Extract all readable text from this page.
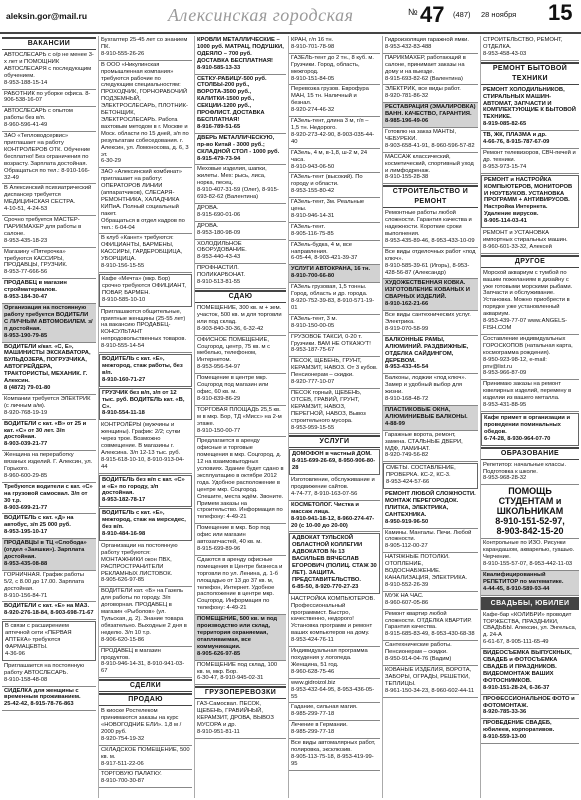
aleksin.gor@mail.ru	Алексинская городская	№ 47 (487) 28 ноября 15
ВАКАНСИИ
АВТОСЛЕСАРЬ с о/р не менее 3-х лет и ПОМОЩНИК АВТОСЛЕСАРЯ с последующим обучением.
8-953-188-15-14
РАБОТНИК по уборке офиса. 8-906-538-16-07
АВТОСЛЕСАРЬ с опытом работы без в/п.
8-960-596-41-49
ЗАО «Тепловодсервис» приглашает на работу КОНТРОЛЕРОВ ОТК. Обучение бесплатно! Без ограничения по возрасту. Зарплата достойная. Обращаться по тел.: 8-910-166-32-49
В Алексинский психиатрический диспансер требуется МЕДИЦИНСКАЯ СЕСТРА.
4-10-51, 4-24-53
Срочно требуется МАСТЕР-ПАРИКМАХЕР для работы в салоне.
8-953-435-18-23
Магазину «Пятерочка» требуются КАССИРЫ, ПРОДАВЦЫ, ГРУЗЧИК.
8-953-77-666-56
ПРОДАВЕЦ в магазин стройматериалов.
8-953-184-30-47
Организация на постоянную работу требуется ВОДИТЕЛИ С ЛИЧНЫМ АВТОМОБИЛЕМ. з/п достойная.
8-953-190-79-85
ВОДИТЕЛИ к/кат. «С, Е», МАШИНИСТЫ ЭКСКАВАТОРА, БУЛЬДОЗЕРА, ПОГРУЗЧИКА, АВТОГРЕЙДЕРА, ТРАКТОРИСТЫ, МЕХАНИК. Г. Алексин.
8 (4872) 79-01-80
Компании требуется ЭЛЕКТРИК (с личным а/м).
8-920-768-19-19
ВОДИТЕЛИ с кат. «В» от 25 и кат. «С» от 30 лет. З/п достойная.
8-903-039-21-77
Женщина на переработку вязаных изделий. Г. Алексин, ул. Горького.
8-960-600-29-85
Требуются водители с кат. «С» на грузовой самосвал. З/п от 30 т.р.
8-903-699-21-77
ВОДИТЕЛЬ с кат. «Д» на автобус, з/п 25 000 руб.
8-953-195-10-17
ПРОДАВЦЫ в ТЦ «Слобода» (отдел «Заяшки»). Зарплата достойная.
8-953-435-08-88
ГОРНИЧНАЯ. График работы 5/2, с 8.00 до 17.00. Зарплата достойная.
8-910-156-84-71
ВОДИТЕЛИ с кат. «Е» на МАЗ.
8-920-276-18-84, 8-903-698-71-67
В связи с расширением аптечной сети «ПЕРВАЯ АПТЕКА» требуются ФАРМАЦЕВТЫ.
4-36-96
Приглашается на постоянную работу АВТОСЛЕСАРЬ.
8-910-158-48-08
СИДЕЛКА для женщины с временным проживанием.
25-42-42, 8-915-78-76-863
Бухгалтер 25-45 лет со знанием ПК.
8-910-555-26-26
В ООО «Никулинская промышленная компания» требуются рабочие по следующим специальностям: ПРОХОДЧИК, ГОРНОРАБОЧИЙ ПОДЗЕМНЫЙ, ЭЛЕКТРОСЛЕСАРЬ, ПЛОТНИК-БЕТОНЩИК, ЭЛЕКТРОСЛЕСАРЬ. Работа вахтовым методом в г. Москве и Моск. области по 15 дней, з/п по результатам собеседования. г. Алексин, ул. Ломоносова, д. 6, 3 эт.
6-30-29
ЗАО «Алексинский комбинат» приглашает на работу: ОПЕРАТОРОВ ЛИНИИ (аппаратчиков), СЛЕСАРЯ-РЕМОНТНИКА, ХАЛАДЧИКА КИПиА. Полный социальный пакет.
Обращаться в отдел кадров по тел.: 6-04-04
В клуб «Каннт» требуются: ОФИЦИАНТЫ, БАРМЕНЫ, КАССИРЫ, ГАРДЕРОБЩИЦА, УБОРЩИЦА.
8-910-156-15-55
Кафе «Мечта» (мкр. Бор) срочно требуются ОФИЦИАНТ, ПОВАР, БАРМЕН.
8-910-585-10-10
Приглашаются общительные, приятные женщины (25-55 лет) на вакансию ПРОДАВЕЦ-КОНСУЛЬТАНТ непродовольственных товаров.
8-910-555-14-54
ВОДИТЕЛЬ с кат. «Е», межгород, стаж работы, без в/п.
8-910-160-71-27
ГРУЗЧИК без в/п, з/п от 12 тыс. руб. ВОДИТЕЛЬ кат. «В, С».
8-910-554-11-18
КОНТРОЛЁРЫ (мужчины и женщины). График: 2/2; сутки через трое. Возможно совмещение. В магазины г. Алексина. З/п 12-13 тыс. руб.
8-915-618-10-10, 8-910-913-04-44
ВОДИТЕЛЬ без в/п с кат. «С» и «Е» по городу, з/п достойная.
8-953-182-78-17
ВОДИТЕЛЬ с кат. «Е», межгород, стаж на мерседес, без в/п.
8-910-484-16-98
Организации на постоянную работу требуются: МОНТАЖНИКИ окон ПВХ, РАСПРОСТРАНИТЕЛИ РЕКЛАМНЫХ ЛИСТОВОК.
8-905-626-97-85
ВОДИТЕЛИ кат. «Б» на Газель для работы по городу. З/п договорная. ПРОДАВЕЦ в магазин «Рыболов» (ул. Тульская, д. 2). Знание товара обязательно. Выходные 2 дня в неделю. З/п 10 т.р.
8-906-620-15-86
ПРОДАВЕЦ в магазин продуктов.
8-910-946-14-31, 8-910-941-03-67
СДЕЛКИ
ПРОДАЮ
В киоске Ростелеком принимаются заказы на курс «НОВОГОДНИЕ ЕЛИ». 1,8 м / 2000 руб.
8-920-754-19-32
СКЛАДСКОЕ ПОМЕЩЕНИЕ, 500 кв. м.
8-917-511-22-06
ТОРГОВУЮ ПАЛАТКУ.
8-910-700-30-87
КРОВЛИ МЕТАЛЛИЧЕСКИЕ – 1000 руб. МАТРАЦ, ПОДУШКИ, ОДЕЯЛО – 700 руб. ДОСТАВКА БЕСПЛАТНАЯ!
8-910-585-13-33
СЕТКУ-РАБИЦУ-500 руб. СТОЛБЫ-200 руб., ВОРОТА-3500 руб., КАЛИТКИ-1500 руб., СЕКЦИИ-1200 руб., ПРОФЛИСТ. ДОСТАВКА БЕСПЛАТНАЯ!
8-916-789-51-65
ДВЕРЬ МЕТАЛЛИЧЕСКУЮ, пр-во Китай - 3000 руб.; СКЛАДНОЙ СТОЛ - 1000 руб.
8-915-479-73-94
Меховые изделия, шапки, жилеты. Мех: рысь, лиса, норка, песец.
8-910-407-31-59 (Олег), 8-915-693-82-62 (Валентина)
ДРОВА.
8-915-690-01-06
ДРОВА.
8-953-180-98-09
ХОЛОДИЛЬНОЕ ОБОРУДОВАНИЕ.
8-953-440-43-43
ПРОФНАСТИЛ. ПОЛИКАРБОНАТ.
8-910-513-81-55
СДАЮ
ПОМЕЩЕНИЕ, 300 кв. м + зем. участок, 500 кв. м для торговли или под склад.
8-903-840-30-36, 6-32-42
ОФИСНОЕ ПОМЕЩЕНИЕ, Соцгород, центр, 75 кв. м с мебелью, телефоном, Интернетом.
8-953-956-54-97
Помещение в центре мкр. Соцгород под магазин или офис, 60 кв. м.
8-910-839-86-29
ТОРГОВАЯ ПЛОЩАДЬ 25,5 кв. м в мкр. Бор, ТД «Мисс» на 2-м этаже.
8-910-150-00-77
Предлагается в аренду офисные и торговые помещения в мкр. Соцгород, д. 12 на взаимовыгодных условиях. Здание будет сдано в эксплуатацию в октябре 2012 года. Удобное расположение в центре мкр. Соцгород. Спешите, места ждём. Звоните. Примем заказы на строительство. Информация по телефону: 4-49-21
Помещение в мкр. Бор под офис или магазин автозапчастей, 40 кв. м.
8-915-699-89-96
Сдаются в аренду офисные помещения в Центре бизнеса и торговли по ул. Ленина, д. 1-б площадью от 13 до 37 кв. м, телефон, Интернет. Удобное расположение в центре мкр. Соцгород. Информация по телефону: 4-49-21
ПОМЕЩЕНИЕ, 500 кв. м под производство или склад, территория охраняемая, отапливаемая, все коммуникации.
8-905-626-97-85
ПОМЕЩЕНИЕ под склад, 100 кв. м, мкр. Бор.
6-30-47, 8-910-945-02-31
ГРУЗОПЕРЕВОЗКИ
ГАЗ-Самосвал. ПЕСОК, ЩЕБЕНЬ, ГРАВИЙНЫЙ, КЕРАМЗИТ, ДРОВА, ВЫВОЗ МУСОРА и др.
8-910-951-81-11
КРАН, г/п 16 тн.
8-910-701-78-98
ГАЗЕЛЬ-тент до 2 тн., 8 куб. м. Грузчики. Город, область, межгород.
8-910-151-84-05
Перевозка грузов. Еврофура МАН, 15 тн. Наличный и безнал.
8-920-274-46-32
ГАЗель-тент, длина 3 м, г/п – 1,5 тн. Недорого.
8-920-273-42-90, 8-903-035-44-40
ГАЗель, 4 м, в-1,8, ш-2 м, 24 часа.
8-910-943-06-50
ГАЗель-тент (высокий). По городу и области.
8-953-155-80-42
ГАЗель-тент, 3м. Реальные цены.
8-910-946-14-31
ГАЗель-тент.
8-905-116-75-85
ГАЗель-будка, 4 м, все направления.
6-05-44, 8-903-421-39-37
УСЛУГИ АВТОКРАНА, 16 тн.
8-910-700-66-80
ГАЗель грузовая, 1,5 тонны. Город, область и др. города.
8-920-752-39-83, 8-910-571-19-01
ГАЗель-тент, 3 м.
8-910-150-00-05
ГРУЗОВОЕ ТАКСИ, 0-20 т. Грузчики. ВАМ НЕ ОТКАЖУТ!
8-953-187-75-67
ПЕСОК, ЩЕБЕНЬ, ГРУНТ, КЕРАМЗИТ, НАВОЗ. От 3 кубов. Пенсионерам – скидки.
8-920-777-10-07
ПЕСОК горный, ЩЕБЕНЬ, ОТСЕВ, ГРАВИЙ, ГРУНТ, КЕРАМЗИТ, НАВОЗ, ПЕРЕГНОЙ, НАВОЗ, Вывоз строительного мусора.
8-953-959-15-55
УСЛУГИ
ДОМОФОН в частный ДОМ.
8-915-699-26-69, 8-950-906-80-28
Изготовление, обслуживание и продвижение сайтов.
4-74-77, 8-910-163-07-56
КОСМЕТОЛОГ. Чистка и массаж лица.
8-910-941-18-12, 8-960-274-47-20 (с 10-00 до 20-00)
АДВОКАТ ТУЛЬСКОЙ ОБЛАСТНОЙ КОЛЛЕГИИ АДВОКАТОВ № 13 ВАСИЛЬЕВ ВЯЧЕСЛАВ ЕГОРОВИЧ (ПОЛИЦ. СТАЖ 30 ЛЕТ). ЗАЩИТА. ПРЕДСТАВИТЕЛЬСТВО.
6-85-50, 8-920-770-27-23
НАСТРОЙКА КОМПЬЮТЕРОВ. Профессиональный программист. Быстро, качественно, недорого! Установка программ и ремонт ваших компьютеров на дому.
8-953-424-76-11
Индивидуальная программа похудения у логопеда. Женщина, 51 год.
8-960-628-75-46
www.gidroizol.biz
8-953-432-64-95, 8-953-436-05-55
Гадание, сильная магия.
8-985-299-77-18
Лечение в Германии.
8-985-299-77-18
Все виды автомалярных работ, полировка, эксклюзив.
8-905-113-75-18, 8-953-419-99-95
Гидроизоляция гаражной ямки.
8-953-432-83-488
ПАРИКМАХЕР, работающий в салоне, принимает заказы на дому и на выезде.
8-915-693-82-62 (Валентина)
ЭЛЕКТРИК, все виды работ.
8-920-781-86-32
РЕСТАВРАЦИЯ (ЭМАЛИРОВКА) ВАНН. КАЧЕСТВО, ГАРАНТИЯ.
8-985-196-49-06
Готовлю на заказ МАНТЫ, ЧЕБУРЕКИ.
8-903-658-41-91, 8-960-596-57-82
МАССАЖ классический, косметический, спортивный уход и лимфодренаж.
8-910-155-28-38
СТРОИТЕЛЬСТВО И РЕМОНТ
Ремонтные работы любой сложности. Гарантия качества и надежности. Короткие сроки выполнения.
8-953-435-89-46, 8-953-433-10-09
Все виды отделочных работ «под ключ».
8-910-585-39-61 (Игорь), 8-953-428-56-87 (Александр)
ХУДОЖЕСТВЕННАЯ КОВКА. ИЗГОТОВЛЕНИЕ КОВАНЫХ И СВАРНЫХ ИЗДЕЛИЙ.
8-910-162-21-66
Все виды сантехнических услуг. Электрика.
8-919-070-58-99
БАЛКОННЫЕ РАМЫ, АЛЮМИНИЙ. РАЗДВИЖНЫЕ, ОТДЕЛКА САЙДИНГОМ, ДЕРЕВОМ.
8-953-433-45-54
Балконы, лоджии «под ключ». Замер и удобный выбор для жизни.
8-910-168-48-72
ПЛАСТИКОВЫЕ ОКНА, АЛЮМИНИЕВЫЕ БАЛКОНЫ.
4-88-99
Гаражные ворота, ремонт, замена. СТАЛЬНЫЕ ДВЕРИ, МДФ, ЛАМИНАТ.
8-920-749-56-82
СМЕТЫ. СОСТАВЛЕНИЕ, ПРОВЕРКА. КС-2, КС-3.
8-953-424-57-66
РЕМОНТ ЛЮБОЙ СЛОЖНОСТИ. МОНТАЖ ПЕРЕГОРОДОК. ПЛИТКА, ЭЛЕКТРИКА, САНТЕХНИКА.
8-950-919-96-50
Камины. Мангалы. Печи. Любой сложности.
8-905-112-00-27
НАТЯЖНЫЕ ПОТОЛКИ. ОТОПЛЕНИЕ, ВОДОСНАБЖЕНИЕ. КАНАЛИЗАЦИЯ, ЭЛЕКТРИКА.
8-910-552-26-39
МУЖ НА ЧАС.
8-960-607-05-86
Ремонт квартир любой сложности. ОТДЕЛКА КВАРТИР. Гарантия качества.
8-915-685-83-49, 8-953-430-68-38
Сантехнические работы. Пенсионерам – скидки.
8-950-914-04-76 (Вадим)
КОВАНЫЕ ИЗДЕЛИЯ, ВОРОТА, ЗАБОРЫ, ОГРАДЫ, РЕШЕТКИ, ТЕПЛИЦЫ.
8-961-150-34-23, 8-960-602-44-11
СТРОИТЕЛЬСТВО, РЕМОНТ, ОТДЕЛКА.
8-953-458-43-03
РЕМОНТ БЫТОВОЙ ТЕХНИКИ
РЕМОНТ ХОЛОДИЛЬНИКОВ, СТИРАЛЬНЫХ МАШИН-АВТОМАТ, ЗАПЧАСТИ И КОМПЛЕКТУЮЩИЕ К БЫТОВОЙ ТЕХНИКЕ.
8-919-085-82-65
ТВ, ЖК, ПЛАЗМА и др.
4-66-76, 8-915-787-67-09
Ремонт телевизоров, СВЧ-печей и др. техники.
8-953-973-15-74
РЕМОНТ и НАСТРОЙКА КОМПЬЮТЕРОВ, МОНИТОРОВ И НОУТБУКОВ. УСТАНОВКА ПРОГРАММ + АНТИВИРУСОВ. Настройка Интернета. Удаление вирусов.
8-905-114-03-41
РЕМОНТ и УСТАНОВКА импортных стиральных машин.
8-960-601-33-32, Алексей
ДРУГОЕ
Морской аквариум с тумбой по вашим пожеланиям в дизайну с уже готовыми морскими рыбами. Запчасти и обслуживание. Установка. Можно приобрести в порядке уже установленный аквариум.
8-953-439-77-07 www.ANGELS-FISH.COM
Составление индивидуальных ГОРОСКОПОВ (натальная карта, космограмма рождения).
8-950-923-98-12, e-mail: pnv@list.ru
8-953-966-87-09
Принимаю заказы на ремонт ювелирных изделий, перемену в изделии из вашего металла.
8-953-431-88-95
Кафе примет в организации и проведении поминальных обедов.
6-74-28, 8-930-964-07-70
ОБРАЗОВАНИЕ
Репетитор: начальные классы. Подготовка к школе.
8-953-968-28-32
ПОМОЩЬ СТУДЕНТАМ и ШКОЛЬНИКАМ
8-910-151-52-97,
8-903-842-15-20
Контрольные по ИЗО. Рисунки карандашом, акварелью, гуашью. Черчение.
8-910-155-57-07, 8-953-442-11-03
Квалифицированный РЕПЕТИТОР по математике.
4-44-45, 8-910-589-93-44
СВАДЬБЫ, ЮБИЛЕИ
Кафе-бар «КОЛИБРИ» проводит ТОРЖЕСТВА, ПРАЗДНИКИ, СВАДЬБЫ. Алексин, ул. Энгельса, д. 24-А
6-61-67, 8-905-111-65-49
ВИДЕОСЪЕМКА ВЫПУСКНЫХ, СВАДЕБ и ФОТОСЪЕМКА СВАДЕБ И ПРАЗДНИКОВ. ВИДЕОМОНТАЖ ВАШИХ ФОТОСНИМКОВ.
8-910-151-28-24, 6-36-37
ПРОФЕССИОНАЛЬНОЕ ФОТО и ФОТОМОНТАЖ.
8-920-785-33-36
ПРОВЕДЕНИЕ СВАДЕБ, юбилеев, корпоративов.
8-910-559-13-00
